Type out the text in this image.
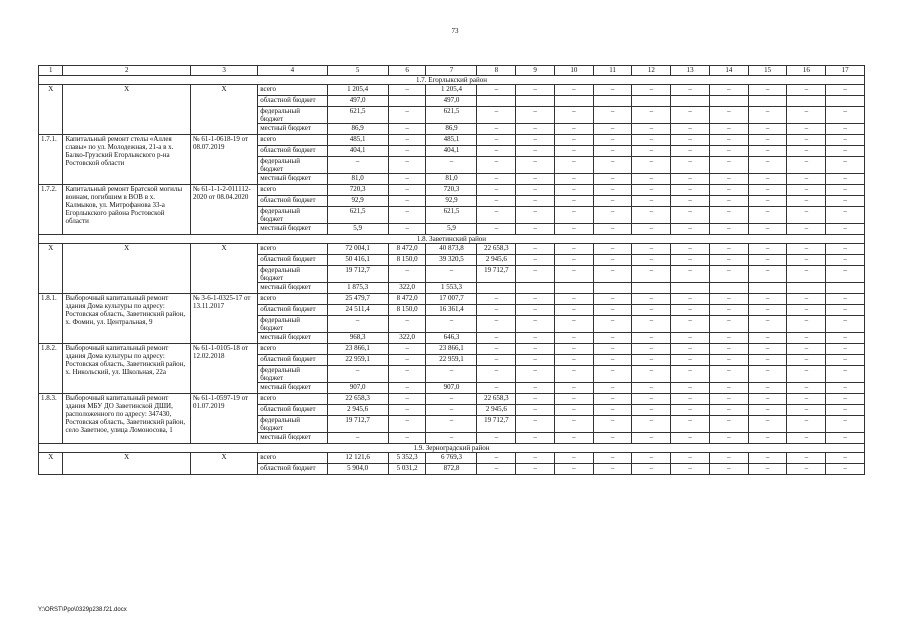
73
1	2	3	4	5	6	7	8	9	10	11	12	13	14	15	16	17
1.7. Егорлыкский район																
X	X	X	всего	1 205,4	–	1 205,4	–	–	–	–	–	–	–	–	–	–
			областной бюджет	497,0		497,0										
			федеральный бюджет	621,5	–	621,5	–	–	–	–	–	–	–	–	–	–
			местный бюджет	86,9	–	86,9	–	–	–	–	–	–	–	–	–	–
1.7.1.	Капитальный ремонт стелы «Аллея славы» по ул. Молодежная, 21-а в х. Балко-Грузский Егорлыкского р-на Ростовской области	№ 61-1-0618-19 от 08.07.2019	всего	485,1	–	485,1	–	–	–	–	–	–	–	–	–	–
			областной бюджет	404,1	–	404,1	–	–	–	–	–	–	–	–	–	–
			федеральный бюджет	–	–	–	–	–	–	–	–	–	–	–	–	–
			местный бюджет	81,0	–	81,0	–	–	–	–	–	–	–	–	–	–
1.7.2.	Капитальный ремонт Братской могилы воинам, погибшим в ВОВ в х. Калмыков, ул. Митрофанова 33-а Егорлыкского района Ростовской области	№ 61-1-1-2-011112-2020 от 08.04.2020	всего	720,3	–	720,3	–	–	–	–	–	–	–	–	–	–
			областной бюджет	92,9	–	92,9	–	–	–	–	–	–	–	–	–	–
			федеральный бюджет	621,5	–	621,5	–	–	–	–	–	–	–	–	–	–
			местный бюджет	5,9	–	5,9	–	–	–	–	–	–	–	–	–	–
1.8. Заветинский район																
X	X	X	всего	72 004,1	8 472,0	40 873,8	22 658,3	–	–	–	–	–	–	–	–	–
			областной бюджет	50 416,1	8 150,0	39 320,5	2 945,6	–	–	–	–	–	–	–	–	–
			федеральный бюджет	19 712,7	–	–	19 712,7	–	–	–	–	–	–	–	–	–
			местный бюджет	1 875,3	322,0	1 553,3										
1.8.1.	Выборочный капитальный ремонт здания Дома культуры по адресу: Ростовская область, Заветинский район, х. Фомин, ул. Центральная, 9	№ 3-6-1-0325-17 от 13.11.2017	всего	25 479,7	8 472,0	17 007,7	–	–	–	–	–	–	–	–	–	–
			областной бюджет	24 511,4	8 150,0	16 361,4	–	–	–	–	–	–	–	–	–	–
			федеральный бюджет	–	–	–	–	–	–	–	–	–	–	–	–	–
			местный бюджет	968,3	322,0	646,3	–	–	–	–	–	–	–	–	–	–
1.8.2.	Выборочный капитальный ремонт здания Дома культуры по адресу: Ростовская область, Заветинский район, х. Никольский, ул. Школьная, 22а	№ 61-1-0105-18 от 12.02.2018	всего	23 866,1	–	23 866,1	–	–	–	–	–	–	–	–	–	–
			областной бюджет	22 959,1	–	22 959,1	–	–	–	–	–	–	–	–	–	–
			федеральный бюджет	–	–	–	–	–	–	–	–	–	–	–	–	–
			местный бюджет	907,0	–	907,0	–	–	–	–	–	–	–	–	–	–
1.8.3.	Выборочный капитальный ремонт здания МБУ ДО Заветинской ДШИ, расположенного по адресу: 347430, Ростовская область, Заветинский район, село Заветное, улица Ломоносова, 1	№ 61-1-0597-19 от 01.07.2019	всего	22 658,3	–	–	22 658,3	–	–	–	–	–	–	–	–	–
			областной бюджет	2 945,6	–	–	2 945,6	–	–	–	–	–	–	–	–	–
			федеральный бюджет	19 712,7	–	–	19 712,7	–	–	–	–	–	–	–	–	–
			местный бюджет	–	–	–	–	–	–	–	–	–	–	–	–	–
1.9. Зерноградский район																
X	X	X	всего	12 121,6	5 352,3	6 769,3	–	–	–	–	–	–	–	–	–	–
			областной бюджет	5 904,0	5 031,2	872,8	–	–	–	–	–	–	–	–	–	–
Y:\ORST\Ppo\0329p238.f21.docx
